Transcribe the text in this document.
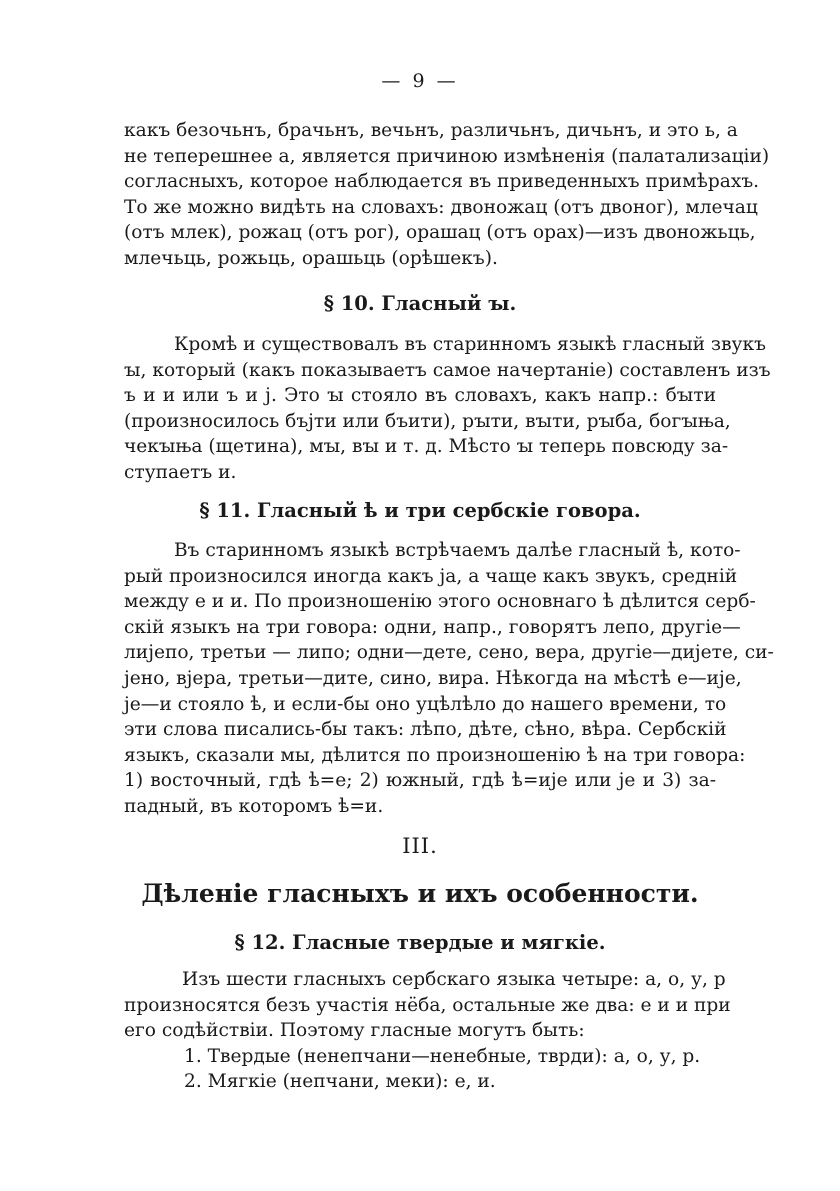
— 9 —
какъ безочьнъ, брачьнъ, вечьнъ, различьнъ, дичьнъ, и это ь, а
не теперешнее а, является причиною измѣненія (палатализаціи)
согласныхъ, которое наблюдается въ приведенныхъ примѣрахъ.
То же можно видѣть на словахъ: двоножац (отъ двоног), млечац
(отъ млек), рожац (отъ рог), орашац (отъ орах)—изъ двоножьць,
млечьць, рожьць, орашьць (орѣшекъ).
§ 10. Гласный ꙑ.
Кромѣ и существовалъ въ старинномъ языкѣ гласный звукъ
ꙑ, который (какъ показываетъ самое начертаніе) составленъ изъ
ъ и и или ъ и j. Это ꙑ стояло въ словахъ, какъ напр.: бꙑти
(произносилось бъјти или бъити), рꙑти, вꙑти, рꙑба, богꙑња,
чекꙑња (щетина), мꙑ, вꙑ и т. д. Мѣсто ꙑ теперь повсюду за-
ступаетъ и.
§ 11. Гласный ѣ и три сербскіе говора.
Въ старинномъ языкѣ встрѣчаемъ далѣе гласный ѣ, кото-
рый произносился иногда какъ ја, а чаще какъ звукъ, среднiй
между е и и. По произношенію этого основнаго ѣ дѣлится серб-
скій языкъ на три говора: одни, напр., говорятъ лепо, другіе—
лијепо, третьи — липо; одни—дете, сено, вера, другіе—дијете, си-
јено, вјера, третьи—дите, сино, вира. Нѣкогда на мѣстѣ е—ије,
је—и стояло ѣ, и если-бы оно уцѣлѣло до нашего времени, то
эти слова писались-бы такъ: лѣпо, дѣте, сѣно, вѣра. Сербскій
языкъ, сказали мы, дѣлится по произношенію ѣ на три говора:
1) восточный, гдѣ ѣ=е; 2) южный, гдѣ ѣ=ије или је и 3) за-
падный, въ которомъ ѣ=и.
III.
Дѣленіе гласныхъ и ихъ особенности.
§ 12. Гласные твердые и мягкіе.
Изъ шести гласныхъ сербскаго языка четыре: а, о, у, р
произносятся безъ участія нёба, остальные же два: е и и при
его содѣйствіи. Поэтому гласные могутъ быть:
1. Твердые (ненепчани—ненебные, тврди): а, о, у, р.
2. Мягкіе (непчани, меки): е, и.
